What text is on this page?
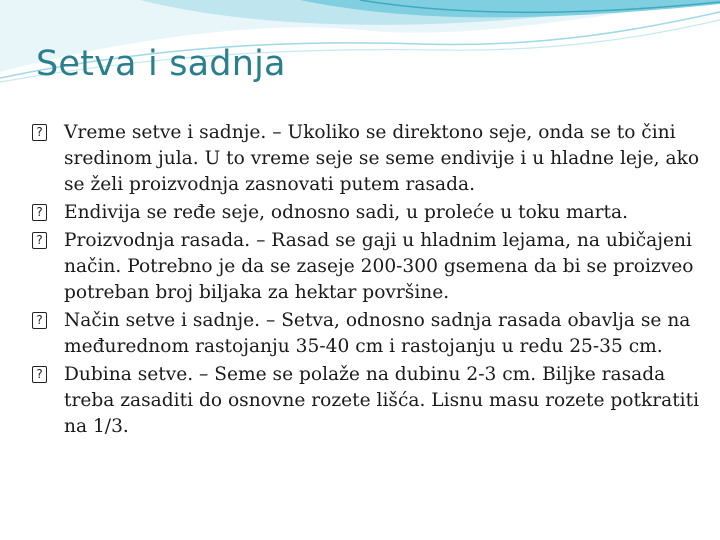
Setva i sadnja

? Vreme setve i sadnje. – Ukoliko se direktono seje, onda se to čini sredinom jula. U to vreme seje se seme endivije i u hladne leje, ako se želi proizvodnja zasnovati putem rasada.

? Endivija se ređe seje, odnosno sadi, u proleće u toku marta.

? Proizvodnja rasada. – Rasad se gaji u hladnim lejama, na ubičajeni način. Potrebno je da se zaseje 200-300 gsemena da bi se proizveo potreban broj biljaka za hektar površine.

? Način setve i sadnje. – Setva, odnosno sadnja rasada obavlja se na međurednom rastojanju 35-40 cm i rastojanju u redu 25-35 cm.

? Dubina setve. – Seme se polaže na dubinu 2-3 cm. Biljke rasada treba zasaditi do osnovne rozete lišća. Lisnu masu rozete potkratiti na 1/3.
